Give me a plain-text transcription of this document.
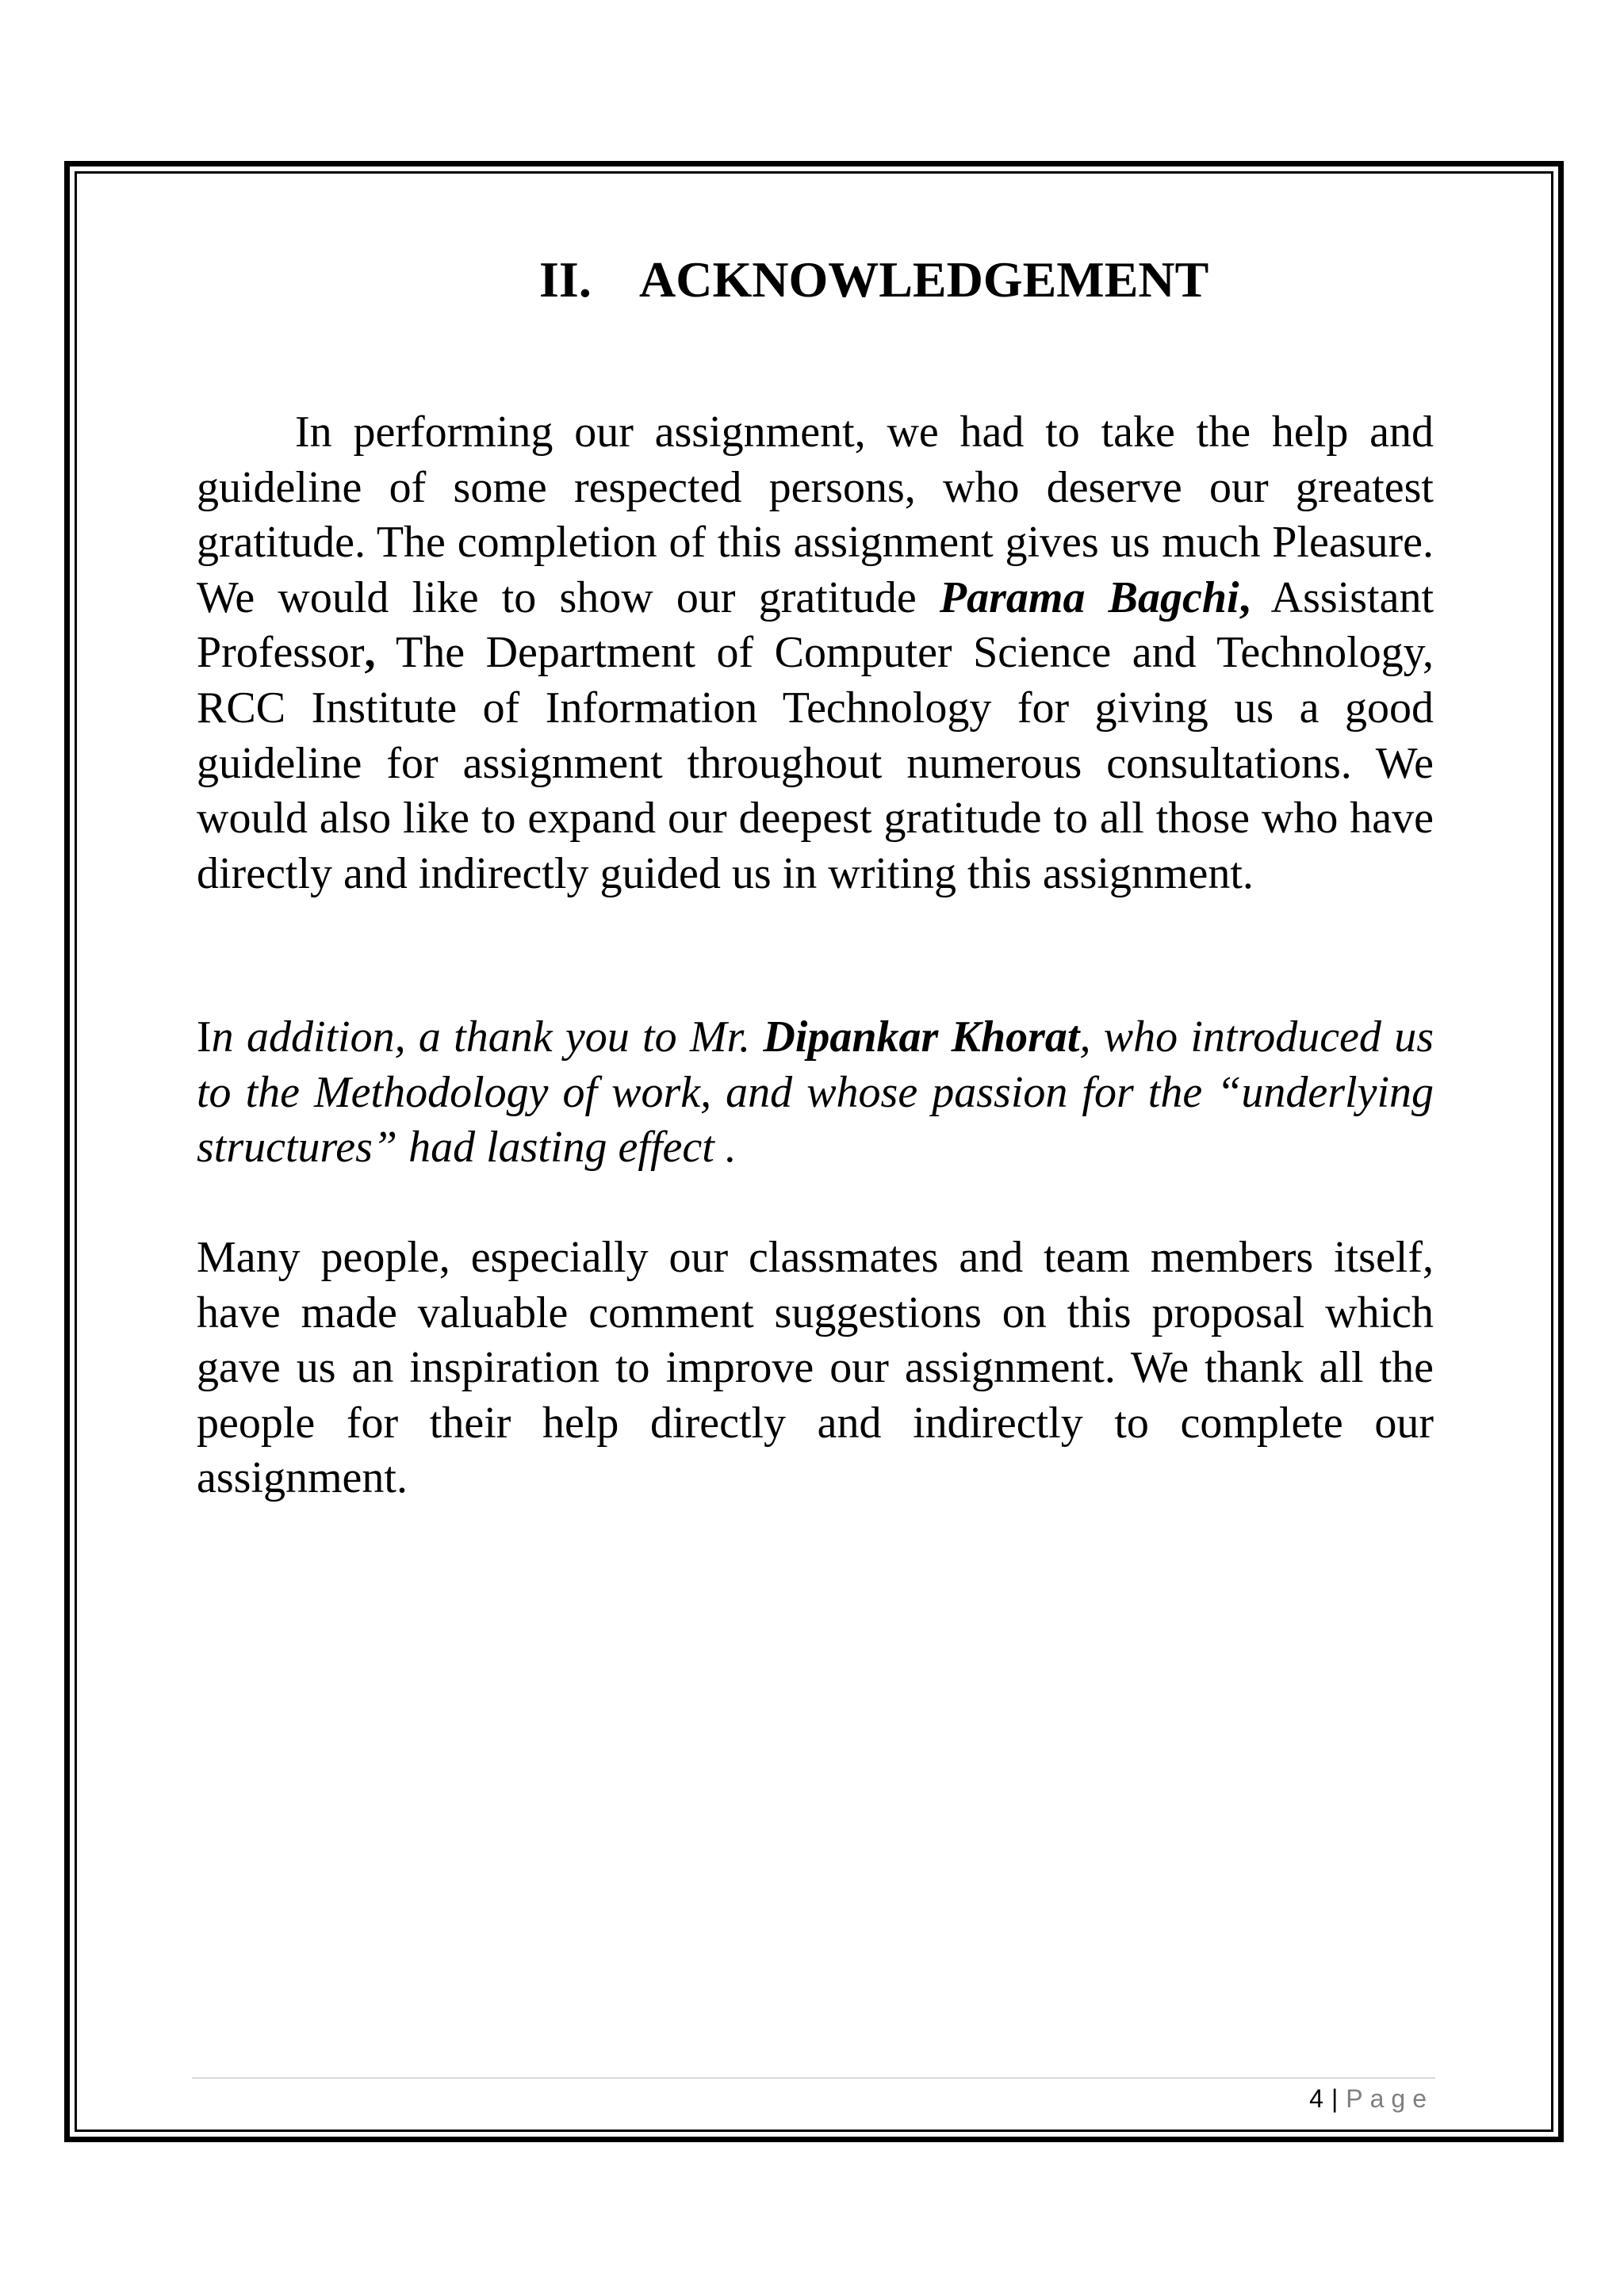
II. ACKNOWLEDGEMENT

In performing our assignment, we had to take the help and guideline of some respected persons, who deserve our greatest gratitude. The completion of this assignment gives us much Pleasure. We would like to show our gratitude Parama Bagchi, Assistant Professor, The Department of Computer Science and Technology, RCC Institute of Information Technology for giving us a good guideline for assignment throughout numerous consultations. We would also like to expand our deepest gratitude to all those who have directly and indirectly guided us in writing this assignment.

In addition, a thank you to Mr. Dipankar Khorat, who introduced us to the Methodology of work, and whose passion for the “underlying structures” had lasting effect .

Many people, especially our classmates and team members itself, have made valuable comment suggestions on this proposal which gave us an inspiration to improve our assignment. We thank all the people for their help directly and indirectly to complete our assignment.

4 | Page
